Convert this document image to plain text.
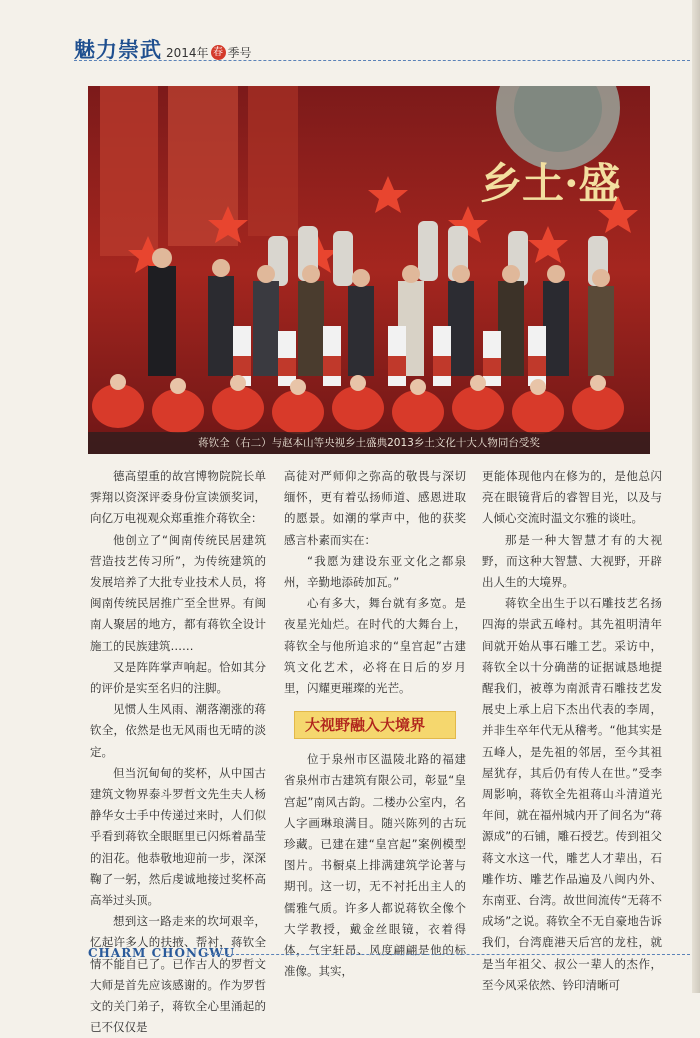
魅力崇武 2014年 春 季号
乡土·盛
蒋钦全（右二）与赵本山等央视乡土盛典2013乡土文化十大人物同台受奖

德高望重的故宫博物院院长单霁翔以资深评委身份宣读颁奖词，向亿万电视观众郑重推介蒋钦全：

他创立了“闽南传统民居建筑营造技艺传习所”，为传统建筑的发展培养了大批专业技术人员，将闽南传统民居推广至全世界。有闽南人聚居的地方，都有蒋钦全设计施工的民族建筑……

又是阵阵掌声响起。恰如其分的评价是实至名归的注脚。

见惯人生风雨、潮落潮涨的蒋钦全，依然是也无风雨也无晴的淡定。

但当沉甸甸的奖杯，从中国古建筑文物界泰斗罗哲文先生夫人杨静华女士手中传递过来时，人们似乎看到蒋钦全眼眶里已闪烁着晶莹的泪花。他恭敬地迎前一步，深深鞠了一躬，然后虔诚地接过奖杯高高举过头顶。

想到这一路走来的坎坷艰辛，忆起许多人的扶掖、帮衬，蒋钦全情不能自已了。已作古人的罗哲文大师是首先应该感谢的。作为罗哲文的关门弟子，蒋钦全心里涌起的已不仅仅是

高徒对严师仰之弥高的敬畏与深切缅怀，更有着弘扬师道、感恩进取的愿景。如潮的掌声中，他的获奖感言朴素而实在：

“我愿为建设东亚文化之都泉州，辛勤地添砖加瓦。”

心有多大，舞台就有多宽。是夜星光灿烂。在时代的大舞台上，蒋钦全与他所追求的“皇宫起”古建筑文化艺术，必将在日后的岁月里，闪耀更璀璨的光芒。

大视野融入大境界

位于泉州市区温陵北路的福建省泉州市古建筑有限公司，彰显“皇宫起”南风古韵。二楼办公室内，名人字画琳琅满目。随兴陈列的古玩珍藏。已建在建“皇宫起”案例模型图片。书橱桌上排满建筑学论著与期刊。这一切，无不衬托出主人的儒雅气质。许多人都说蒋钦全像个大学教授，戴金丝眼镜，衣着得体，气宇轩昂、风度翩翩是他的标准像。其实，

更能体现他内在修为的，是他总闪亮在眼镜背后的睿智目光，以及与人倾心交流时温文尔雅的谈吐。

那是一种大智慧才有的大视野，而这种大智慧、大视野，开辟出人生的大境界。

蒋钦全出生于以石雕技艺名扬四海的崇武五峰村。其先祖明清年间就开始从事石雕工艺。采访中，蒋钦全以十分确凿的证据诚恳地提醒我们，被尊为南派青石雕技艺发展史上承上启下杰出代表的李周，并非生卒年代无从稽考。“他其实是五峰人，是先祖的邻居，至今其祖屋犹存，其后仍有传人在世。”受李周影响，蒋钦全先祖蒋山斗清道光年间，就在福州城内开了间名为“蒋源成”的石铺，雕石授艺。传到祖父蒋文水这一代，雕艺人才辈出，石雕作坊、雕艺作品遍及八闽内外、东南亚、台湾。故世间流传“无蒋不成场”之说。蒋钦全不无自豪地告诉我们，台湾鹿港天后宫的龙柱，就是当年祖父、叔公一辈人的杰作，至今风采依然、钤印清晰可

CHARM CHONGWU
